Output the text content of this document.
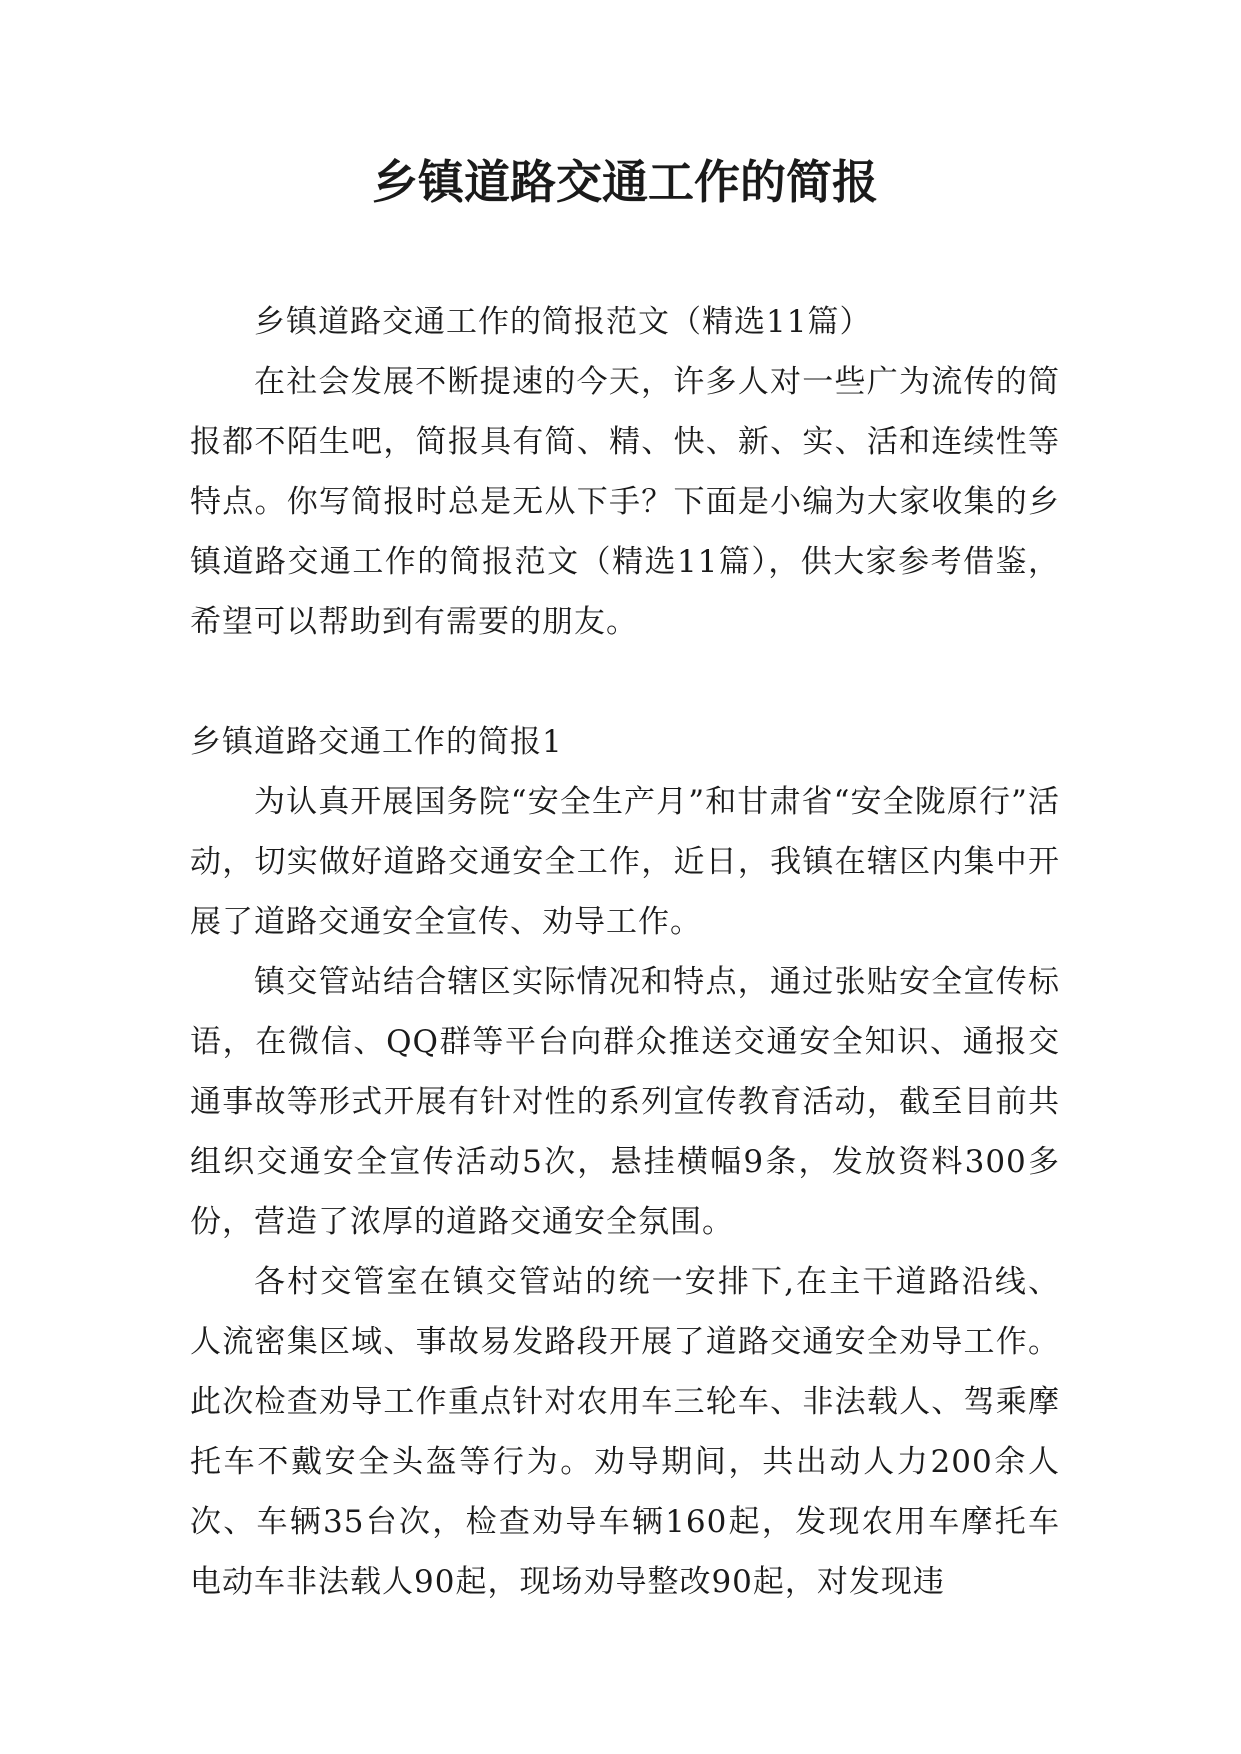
乡镇道路交通工作的简报

乡镇道路交通工作的简报范文（精选11篇）

在社会发展不断提速的今天，许多人对一些广为流传的简报都不陌生吧，简报具有简、精、快、新、实、活和连续性等特点。你写简报时总是无从下手？下面是小编为大家收集的乡镇道路交通工作的简报范文（精选11篇），供大家参考借鉴，希望可以帮助到有需要的朋友。

乡镇道路交通工作的简报1

为认真开展国务院“安全生产月”和甘肃省“安全陇原行”活动，切实做好道路交通安全工作，近日，我镇在辖区内集中开展了道路交通安全宣传、劝导工作。

镇交管站结合辖区实际情况和特点，通过张贴安全宣传标语，在微信、QQ群等平台向群众推送交通安全知识、通报交通事故等形式开展有针对性的系列宣传教育活动，截至目前共组织交通安全宣传活动5次，悬挂横幅9条，发放资料300多份，营造了浓厚的道路交通安全氛围。

各村交管室在镇交管站的统一安排下,在主干道路沿线、人流密集区域、事故易发路段开展了道路交通安全劝导工作。此次检查劝导工作重点针对农用车三轮车、非法载人、驾乘摩托车不戴安全头盔等行为。劝导期间，共出动人力200余人次、车辆35台次，检查劝导车辆160起，发现农用车摩托车电动车非法载人90起，现场劝导整改90起，对发现违
